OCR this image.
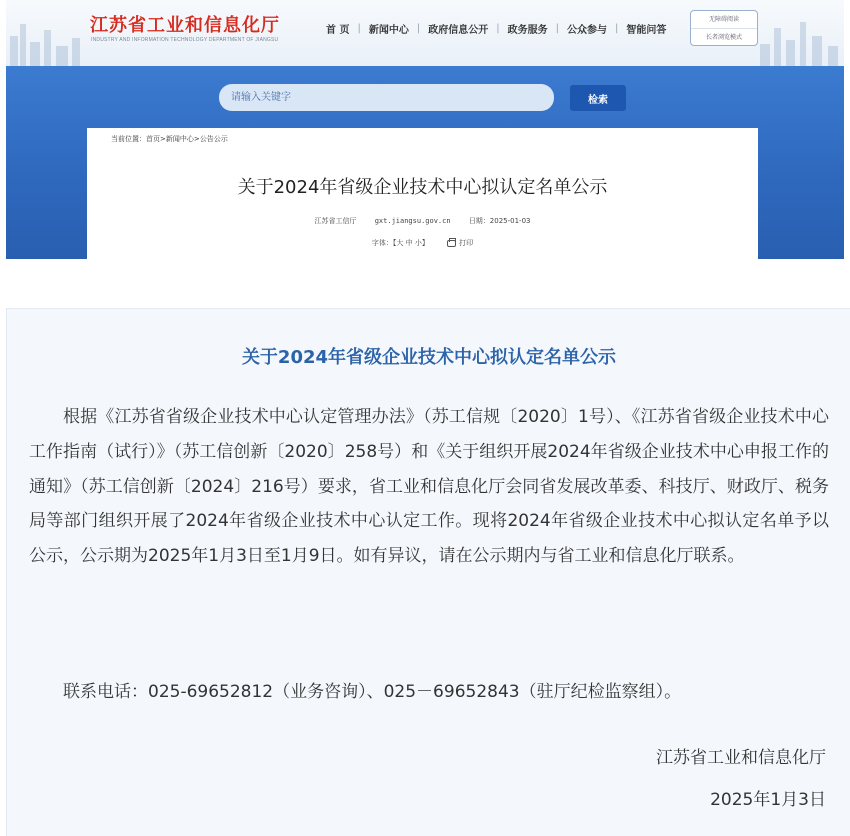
江苏省工业和信息化厅
INDUSTRY AND INFORMATION TECHNOLOGY DEPARTMENT OF JIANGSU
首 页 | 新闻中心 | 政府信息公开 | 政务服务 | 公众参与 | 智能问答
无障碍阅读
长者浏览模式
请输入关键字
检索
当前位置：首页>新闻中心>公告公示
关于2024年省级企业技术中心拟认定名单公示
江苏省工信厅	gxt.jiangsu.gov.cn	日期：2025-01-03
字体：【大 中 小】	打印
关于2024年省级企业技术中心拟认定名单公示

根据《江苏省省级企业技术中心认定管理办法》（苏工信规〔2020〕1号）、《江苏省省级企业技术中心工作指南（试行）》（苏工信创新〔2020〕258号）和《关于组织开展2024年省级企业技术中心申报工作的通知》（苏工信创新〔2024〕216号）要求，省工业和信息化厅会同省发展改革委、科技厅、财政厅、税务局等部门组织开展了2024年省级企业技术中心认定工作。现将2024年省级企业技术中心拟认定名单予以公示，公示期为2025年1月3日至1月9日。如有异议，请在公示期内与省工业和信息化厅联系。

联系电话：025-69652812（业务咨询）、025－69652843（驻厅纪检监察组）。

江苏省工业和信息化厅
2025年1月3日
